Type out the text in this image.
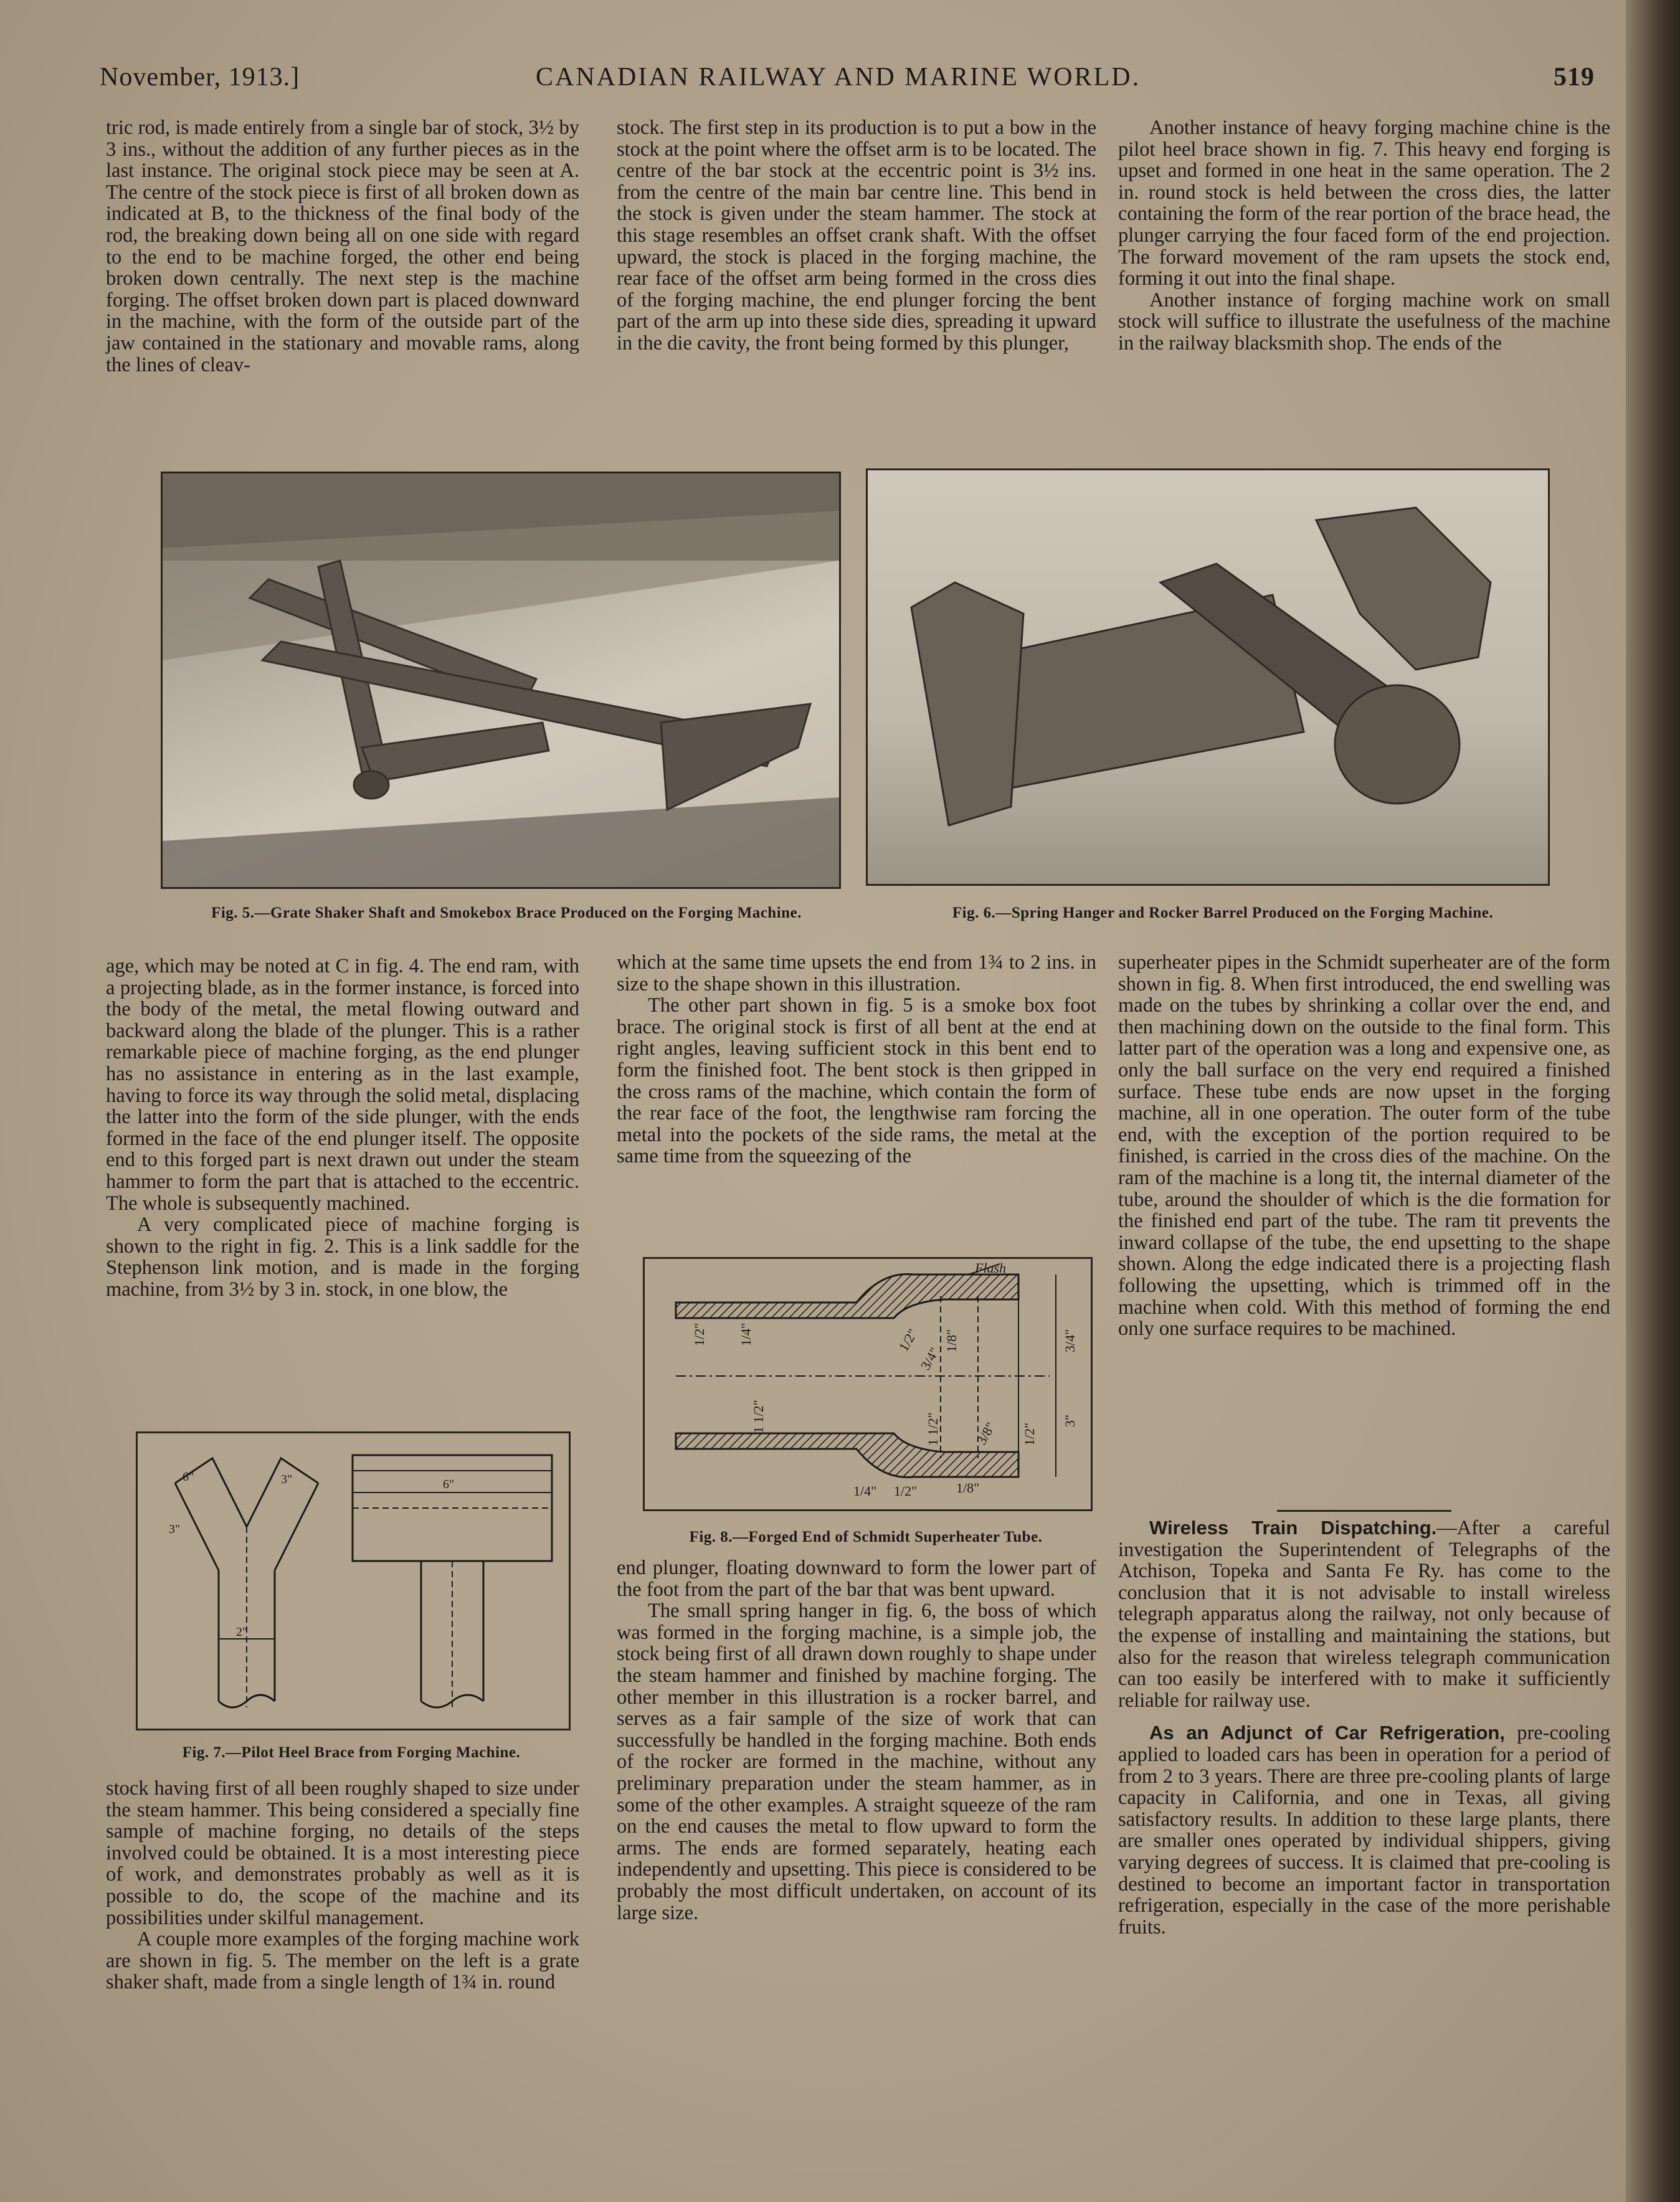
November, 1913.]	CANADIAN RAILWAY AND MARINE WORLD.	519

tric rod, is made entirely from a single bar of stock, 3½ by 3 ins., without the addition of any further pieces as in the last instance. The original stock piece may be seen at A. The centre of the stock piece is first of all broken down as indicated at B, to the thickness of the final body of the rod, the breaking down being all on one side with regard to the end to be machine forged, the other end being broken down centrally. The next step is the machine forging. The offset broken down part is placed downward in the machine, with the form of the outside part of the jaw contained in the stationary and movable rams, along the lines of cleav-

stock. The first step in its production is to put a bow in the stock at the point where the offset arm is to be located. The centre of the bar stock at the eccentric point is 3½ ins. from the centre of the main bar centre line. This bend in the stock is given under the steam hammer. The stock at this stage resembles an offset crank shaft. With the offset upward, the stock is placed in the forging machine, the rear face of the offset arm being formed in the cross dies of the forging machine, the end plunger forcing the bent part of the arm up into these side dies, spreading it upward in the die cavity, the front being formed by this plunger,

Another instance of heavy forging machine chine is the pilot heel brace shown in fig. 7. This heavy end forging is upset and formed in one heat in the same operation. The 2 in. round stock is held between the cross dies, the latter containing the form of the rear portion of the brace head, the plunger carrying the four faced form of the end projection. The forward movement of the ram upsets the stock end, forming it out into the final shape.

Another instance of forging machine work on small stock will suffice to illustrate the usefulness of the machine in the railway blacksmith shop. The ends of the

Fig. 5.—Grate Shaker Shaft and Smokebox Brace Produced on the Forging Machine.	Fig. 6.—Spring Hanger and Rocker Barrel Produced on the Forging Machine.

age, which may be noted at C in fig. 4. The end ram, with a projecting blade, as in the former instance, is forced into the body of the metal, the metal flowing outward and backward along the blade of the plunger. This is a rather remarkable piece of machine forging, as the end plunger has no assistance in entering as in the last example, having to force its way through the solid metal, displacing the latter into the form of the side plunger, with the ends formed in the face of the end plunger itself. The opposite end to this forged part is next drawn out under the steam hammer to form the part that is attached to the eccentric. The whole is subsequently machined.

A very complicated piece of machine forging is shown to the right in fig. 2. This is a link saddle for the Stephenson link motion, and is made in the forging machine, from 3½ by 3 in. stock, in one blow, the

6"	3"
3"
6"
2"
Fig. 7.—Pilot Heel Brace from Forging Machine.

stock having first of all been roughly shaped to size under the steam hammer. This being considered a specially fine sample of machine forging, no details of the steps involved could be obtained. It is a most interesting piece of work, and demonstrates probably as well as it is possible to do, the scope of the machine and its possibilities under skilful management.

A couple more examples of the forging machine work are shown in fig. 5. The member on the left is a grate shaker shaft, made from a single length of 1¾ in. round

which at the same time upsets the end from 1¾ to 2 ins. in size to the shape shown in this illustration.

The other part shown in fig. 5 is a smoke box foot brace. The original stock is first of all bent at the end at right angles, leaving sufficient stock in this bent end to form the finished foot. The bent stock is then gripped in the cross rams of the machine, which contain the form of the rear face of the foot, the lengthwise ram forcing the metal into the pockets of the side rams, the metal at the same time from the squeezing of the

Flash
1/2" 1/4"
1 1/2"
1/2"
3/4"
1/8"
1 1/2" 3/8" 1/2"
3/4"
1/4" 1/2"	1/8"
3"
Fig. 8.—Forged End of Schmidt Superheater Tube.

end plunger, floating downward to form the lower part of the foot from the part of the bar that was bent upward.

The small spring hanger in fig. 6, the boss of which was formed in the forging machine, is a simple job, the stock being first of all drawn down roughly to shape under the steam hammer and finished by machine forging. The other member in this illustration is a rocker barrel, and serves as a fair sample of the size of work that can successfully be handled in the forging machine. Both ends of the rocker are formed in the machine, without any preliminary preparation under the steam hammer, as in some of the other examples. A straight squeeze of the ram on the end causes the metal to flow upward to form the arms. The ends are formed separately, heating each independently and upsetting. This piece is considered to be probably the most difficult undertaken, on account of its large size.

superheater pipes in the Schmidt superheater are of the form shown in fig. 8. When first introduced, the end swelling was made on the tubes by shrinking a collar over the end, and then machining down on the outside to the final form. This latter part of the operation was a long and expensive one, as only the ball surface on the very end required a finished surface. These tube ends are now upset in the forging machine, all in one operation. The outer form of the tube end, with the exception of the portion required to be finished, is carried in the cross dies of the machine. On the ram of the machine is a long tit, the internal diameter of the tube, around the shoulder of which is the die formation for the finished end part of the tube. The ram tit prevents the inward collapse of the tube, the end upsetting to the shape shown. Along the edge indicated there is a projecting flash following the upsetting, which is trimmed off in the machine when cold. With this method of forming the end only one surface requires to be machined.

Wireless Train Dispatching.—After a careful investigation the Superintendent of Telegraphs of the Atchison, Topeka and Santa Fe Ry. has come to the conclusion that it is not advisable to install wireless telegraph apparatus along the railway, not only because of the expense of installing and maintaining the stations, but also for the reason that wireless telegraph communication can too easily be interfered with to make it sufficiently reliable for railway use.

As an Adjunct of Car Refrigeration, pre-cooling applied to loaded cars has been in operation for a period of from 2 to 3 years. There are three pre-cooling plants of large capacity in California, and one in Texas, all giving satisfactory results. In addition to these large plants, there are smaller ones operated by individual shippers, giving varying degrees of success. It is claimed that pre-cooling is destined to become an important factor in transportation refrigeration, especially in the case of the more perishable fruits.
